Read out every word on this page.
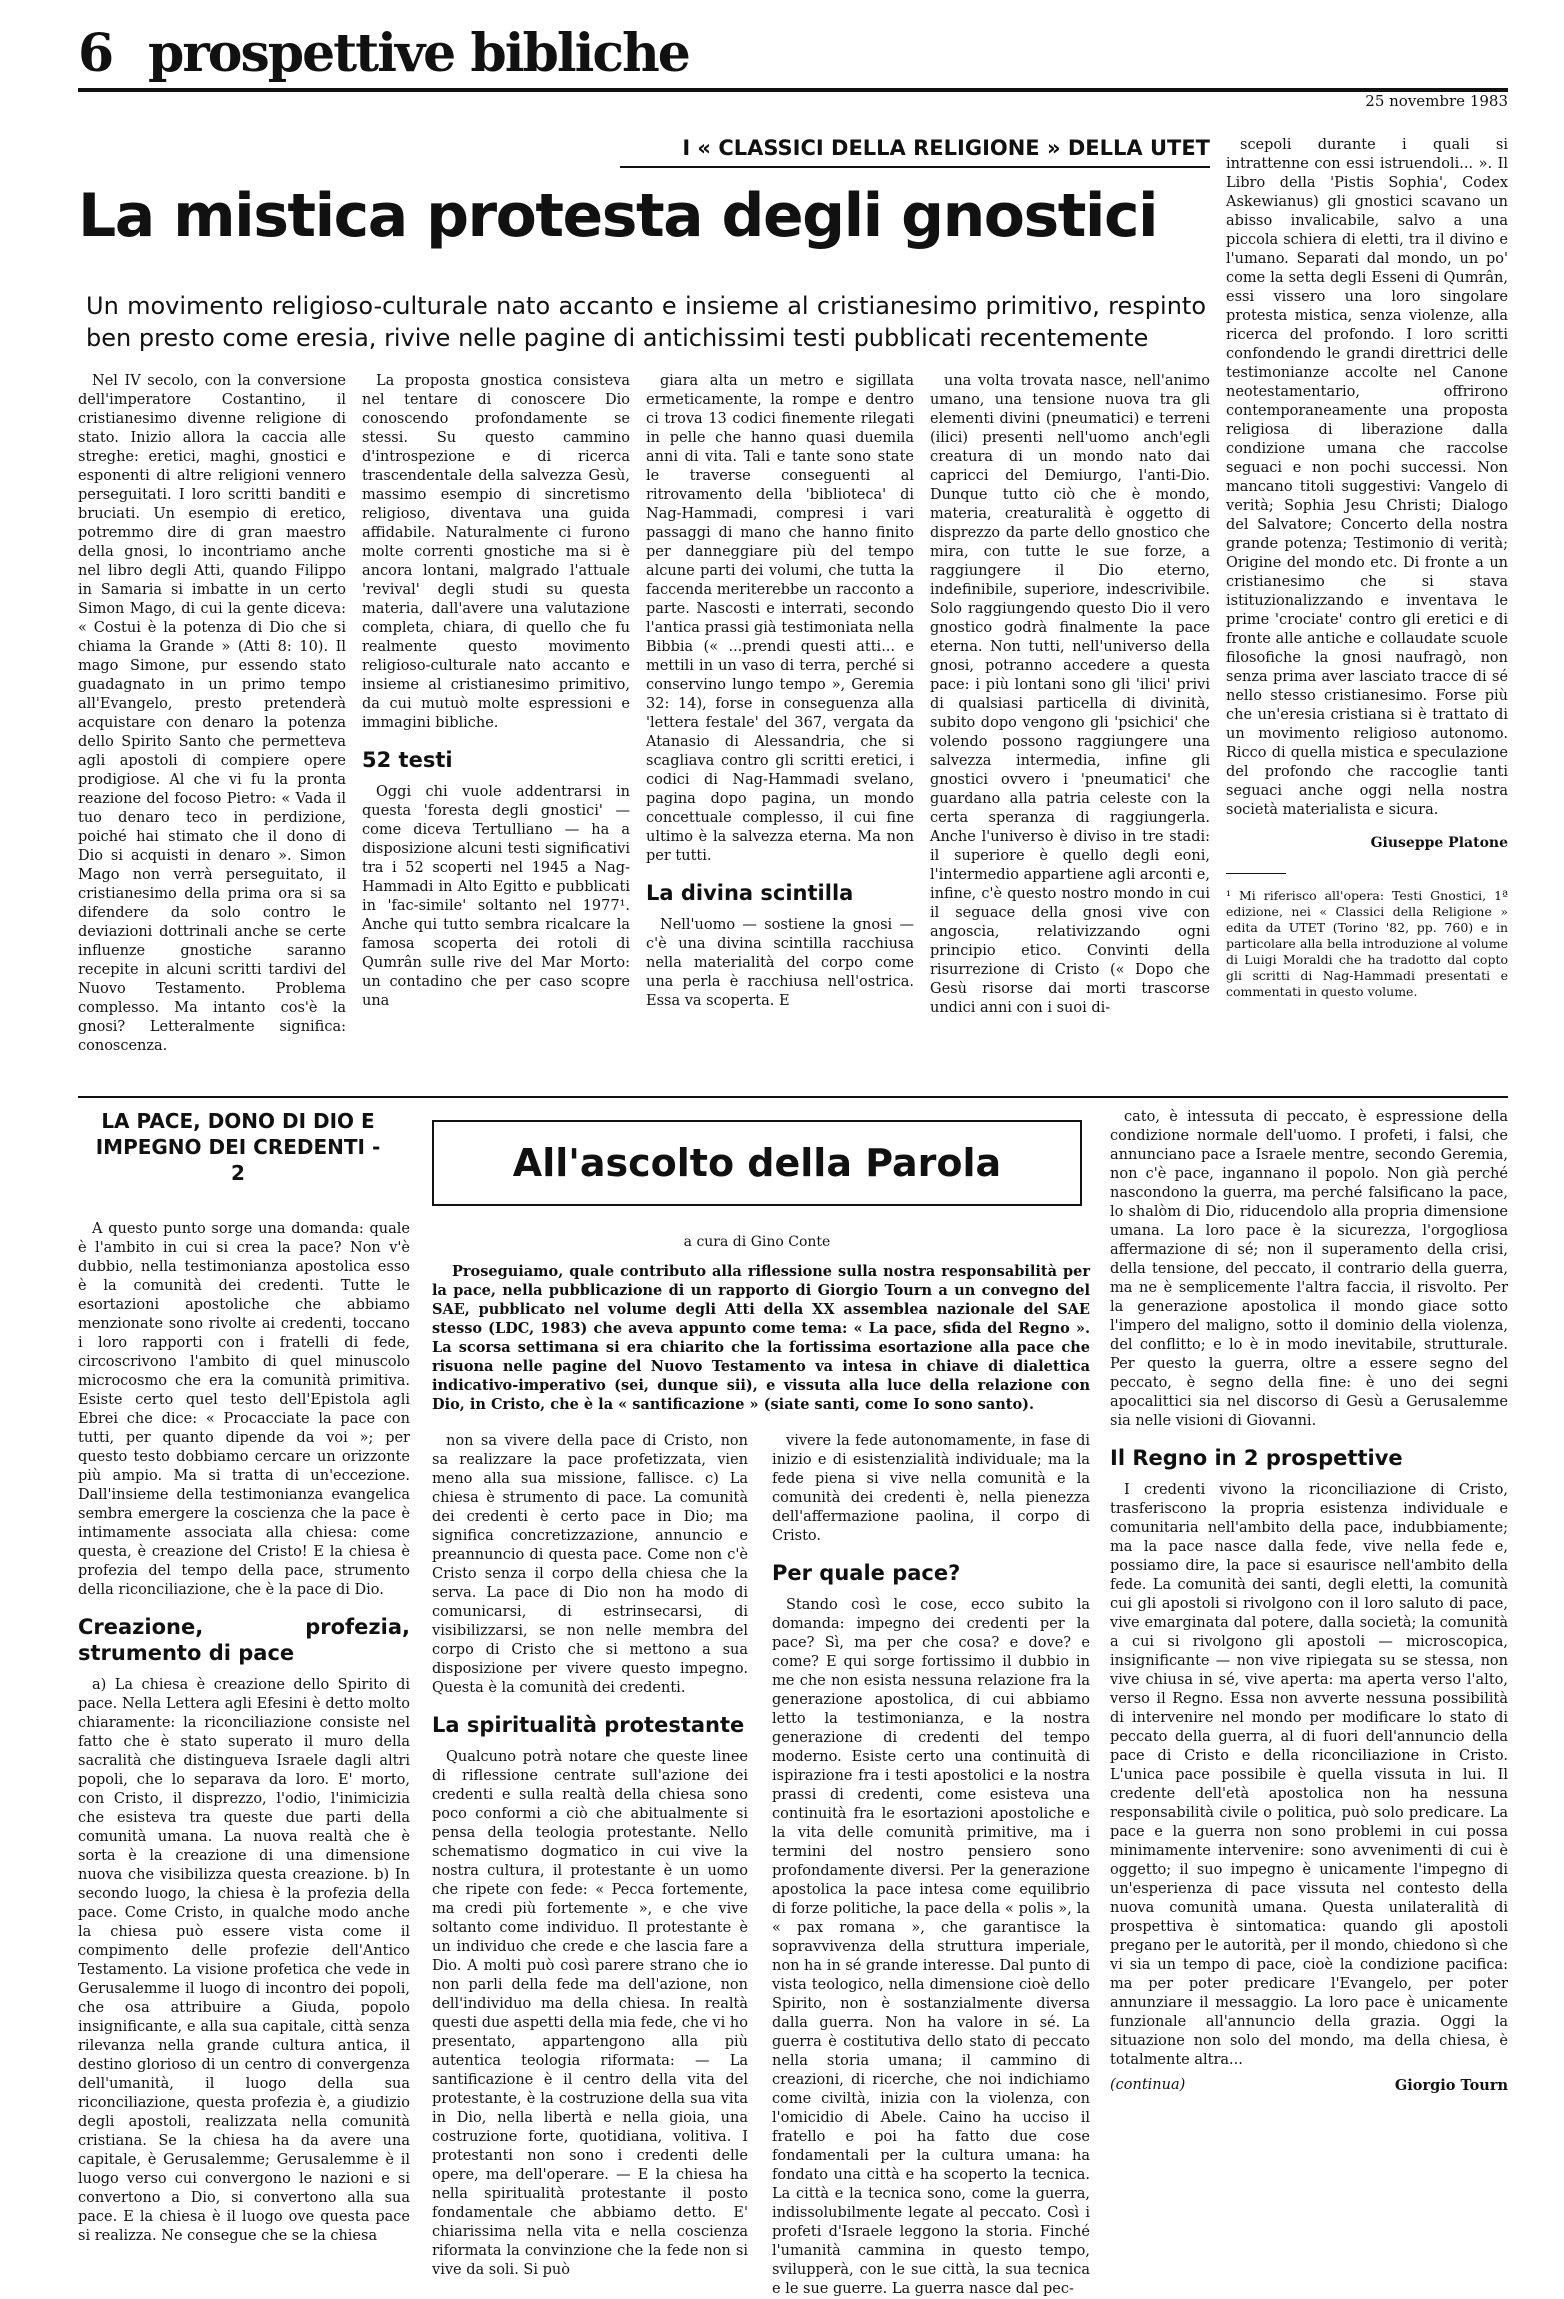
6 prospettive bibliche
25 novembre 1983
I « CLASSICI DELLA RELIGIONE » DELLA UTET
La mistica protesta degli gnostici
Un movimento religioso-culturale nato accanto e insieme al cristianesimo primitivo, respinto ben presto come eresia, rivive nelle pagine di antichissimi testi pubblicati recentemente

Nel IV secolo, con la conversione dell'imperatore Costantino, il cristianesimo divenne religione di stato. Inizio allora la caccia alle streghe: eretici, maghi, gnostici e esponenti di altre religioni vennero perseguitati. I loro scritti banditi e bruciati. Un esempio di eretico, potremmo dire di gran maestro della gnosi, lo incontriamo anche nel libro degli Atti, quando Filippo in Samaria si imbatte in un certo Simon Mago, di cui la gente diceva: « Costui è la potenza di Dio che si chiama la Grande » (Atti 8: 10). Il mago Simone, pur essendo stato guadagnato in un primo tempo all'Evangelo, presto pretenderà acquistare con denaro la potenza dello Spirito Santo che permetteva agli apostoli di compiere opere prodigiose. Al che vi fu la pronta reazione del focoso Pietro: « Vada il tuo denaro teco in perdizione, poiché hai stimato che il dono di Dio si acquisti in denaro ». Simon Mago non verrà perseguitato, il cristianesimo della prima ora si sa difendere da solo contro le deviazioni dottrinali anche se certe influenze gnostiche saranno recepite in alcuni scritti tardivi del Nuovo Testamento. Problema complesso. Ma intanto cos'è la gnosi? Letteralmente significa: conoscenza.

La proposta gnostica consisteva nel tentare di conoscere Dio conoscendo profondamente se stessi. Su questo cammino d'introspezione e di ricerca trascendentale della salvezza Gesù, massimo esempio di sincretismo religioso, diventava una guida affidabile. Naturalmente ci furono molte correnti gnostiche ma si è ancora lontani, malgrado l'attuale 'revival' degli studi su questa materia, dall'avere una valutazione completa, chiara, di quello che fu realmente questo movimento religioso-culturale nato accanto e insieme al cristianesimo primitivo, da cui mutuò molte espressioni e immagini bibliche.

52 testi

Oggi chi vuole addentrarsi in questa 'foresta degli gnostici' — come diceva Tertulliano — ha a disposizione alcuni testi significativi tra i 52 scoperti nel 1945 a Nag-Hammadi in Alto Egitto e pubblicati in 'fac-simile' soltanto nel 1977¹. Anche qui tutto sembra ricalcare la famosa scoperta dei rotoli di Qumrân sulle rive del Mar Morto: un contadino che per caso scopre una

giara alta un metro e sigillata ermeticamente, la rompe e dentro ci trova 13 codici finemente rilegati in pelle che hanno quasi duemila anni di vita. Tali e tante sono state le traverse conseguenti al ritrovamento della 'biblioteca' di Nag-Hammadi, compresi i vari passaggi di mano che hanno finito per danneggiare più del tempo alcune parti dei volumi, che tutta la faccenda meriterebbe un racconto a parte. Nascosti e interrati, secondo l'antica prassi già testimoniata nella Bibbia (« ...prendi questi atti... e mettili in un vaso di terra, perché si conservino lungo tempo », Geremia 32: 14), forse in conseguenza alla 'lettera festale' del 367, vergata da Atanasio di Alessandria, che si scagliava contro gli scritti eretici, i codici di Nag-Hammadi svelano, pagina dopo pagina, un mondo concettuale complesso, il cui fine ultimo è la salvezza eterna. Ma non per tutti.

La divina scintilla

Nell'uomo — sostiene la gnosi — c'è una divina scintilla racchiusa nella materialità del corpo come una perla è racchiusa nell'ostrica. Essa va scoperta. E

una volta trovata nasce, nell'animo umano, una tensione nuova tra gli elementi divini (pneumatici) e terreni (ilici) presenti nell'uomo anch'egli creatura di un mondo nato dai capricci del Demiurgo, l'anti-Dio. Dunque tutto ciò che è mondo, materia, creaturalità è oggetto di disprezzo da parte dello gnostico che mira, con tutte le sue forze, a raggiungere il Dio eterno, indefinibile, superiore, indescrivibile. Solo raggiungendo questo Dio il vero gnostico godrà finalmente la pace eterna. Non tutti, nell'universo della gnosi, potranno accedere a questa pace: i più lontani sono gli 'ilici' privi di qualsiasi particella di divinità, subito dopo vengono gli 'psichici' che volendo possono raggiungere una salvezza intermedia, infine gli gnostici ovvero i 'pneumatici' che guardano alla patria celeste con la certa speranza di raggiungerla. Anche l'universo è diviso in tre stadi: il superiore è quello degli eoni, l'intermedio appartiene agli arconti e, infine, c'è questo nostro mondo in cui il seguace della gnosi vive con angoscia, relativizzando ogni principio etico. Convinti della risurrezione di Cristo (« Dopo che Gesù risorse dai morti trascorse undici anni con i suoi di-

scepoli durante i quali si intrattenne con essi istruendoli... ». Il Libro della 'Pistis Sophia', Codex Askewianus) gli gnostici scavano un abisso invalicabile, salvo a una piccola schiera di eletti, tra il divino e l'umano. Separati dal mondo, un po' come la setta degli Esseni di Qumrân, essi vissero una loro singolare protesta mistica, senza violenze, alla ricerca del profondo. I loro scritti confondendo le grandi direttrici delle testimonianze accolte nel Canone neotestamentario, offrirono contemporaneamente una proposta religiosa di liberazione dalla condizione umana che raccolse seguaci e non pochi successi. Non mancano titoli suggestivi: Vangelo di verità; Sophia Jesu Christi; Dialogo del Salvatore; Concerto della nostra grande potenza; Testimonio di verità; Origine del mondo etc. Di fronte a un cristianesimo che si stava istituzionalizzando e inventava le prime 'crociate' contro gli eretici e di fronte alle antiche e collaudate scuole filosofiche la gnosi naufragò, non senza prima aver lasciato tracce di sé nello stesso cristianesimo. Forse più che un'eresia cristiana si è trattato di un movimento religioso autonomo. Ricco di quella mistica e speculazione del profondo che raccoglie tanti seguaci anche oggi nella nostra società materialista e sicura.

Giuseppe Platone
¹ Mi riferisco all'opera: Testi Gnostici, 1ª edizione, nei « Classici della Religione » edita da UTET (Torino '82, pp. 760) e in particolare alla bella introduzione al volume di Luigi Moraldi che ha tradotto dal copto gli scritti di Nag-Hammadi presentati e commentati in questo volume.
LA PACE, DONO DI DIO E IMPEGNO DEI CREDENTI - 2	All'ascolto della Parola
a cura di Gino Conte
Proseguiamo, quale contributo alla riflessione sulla nostra responsabilità per la pace, nella pubblicazione di un rapporto di Giorgio Tourn a un convegno del SAE, pubblicato nel volume degli Atti della XX assemblea nazionale del SAE stesso (LDC, 1983) che aveva appunto come tema: « La pace, sfida del Regno ». La scorsa settimana si era chiarito che la fortissima esortazione alla pace che risuona nelle pagine del Nuovo Testamento va intesa in chiave di dialettica indicativo-imperativo (sei, dunque sii), e vissuta alla luce della relazione con Dio, in Cristo, che è la « santificazione » (siate santi, come Io sono santo).

A questo punto sorge una domanda: quale è l'ambito in cui si crea la pace? Non v'è dubbio, nella testimonianza apostolica esso è la comunità dei credenti. Tutte le esortazioni apostoliche che abbiamo menzionate sono rivolte ai credenti, toccano i loro rapporti con i fratelli di fede, circoscrivono l'ambito di quel minuscolo microcosmo che era la comunità primitiva. Esiste certo quel testo dell'Epistola agli Ebrei che dice: « Procacciate la pace con tutti, per quanto dipende da voi »; per questo testo dobbiamo cercare un orizzonte più ampio. Ma si tratta di un'eccezione. Dall'insieme della testimonianza evangelica sembra emergere la coscienza che la pace è intimamente associata alla chiesa: come questa, è creazione del Cristo! E la chiesa è profezia del tempo della pace, strumento della riconciliazione, che è la pace di Dio.

Creazione, profezia, strumento di pace

a) La chiesa è creazione dello Spirito di pace. Nella Lettera agli Efesini è detto molto chiaramente: la riconciliazione consiste nel fatto che è stato superato il muro della sacralità che distingueva Israele dagli altri popoli, che lo separava da loro. E' morto, con Cristo, il disprezzo, l'odio, l'inimicizia che esisteva tra queste due parti della comunità umana. La nuova realtà che è sorta è la creazione di una dimensione nuova che visibilizza questa creazione. b) In secondo luogo, la chiesa è la profezia della pace. Come Cristo, in qualche modo anche la chiesa può essere vista come il compimento delle profezie dell'Antico Testamento. La visione profetica che vede in Gerusalemme il luogo di incontro dei popoli, che osa attribuire a Giuda, popolo insignificante, e alla sua capitale, città senza rilevanza nella grande cultura antica, il destino glorioso di un centro di convergenza dell'umanità, il luogo della sua riconciliazione, questa profezia è, a giudizio degli apostoli, realizzata nella comunità cristiana. Se la chiesa ha da avere una capitale, è Gerusalemme; Gerusalemme è il luogo verso cui convergono le nazioni e si convertono a Dio, si convertono alla sua pace. E la chiesa è il luogo ove questa pace si realizza. Ne consegue che se la chiesa

non sa vivere della pace di Cristo, non sa realizzare la pace profetizzata, vien meno alla sua missione, fallisce. c) La chiesa è strumento di pace. La comunità dei credenti è certo pace in Dio; ma significa concretizzazione, annuncio e preannuncio di questa pace. Come non c'è Cristo senza il corpo della chiesa che la serva. La pace di Dio non ha modo di comunicarsi, di estrinsecarsi, di visibilizzarsi, se non nelle membra del corpo di Cristo che si mettono a sua disposizione per vivere questo impegno. Questa è la comunità dei credenti.

La spiritualità protestante

Qualcuno potrà notare che queste linee di riflessione centrate sull'azione dei credenti e sulla realtà della chiesa sono poco conformi a ciò che abitualmente si pensa della teologia protestante. Nello schematismo dogmatico in cui vive la nostra cultura, il protestante è un uomo che ripete con fede: « Pecca fortemente, ma credi più fortemente », e che vive soltanto come individuo. Il protestante è un individuo che crede e che lascia fare a Dio. A molti può così parere strano che io non parli della fede ma dell'azione, non dell'individuo ma della chiesa. In realtà questi due aspetti della mia fede, che vi ho presentato, appartengono alla più autentica teologia riformata: — La santificazione è il centro della vita del protestante, è la costruzione della sua vita in Dio, nella libertà e nella gioia, una costruzione forte, quotidiana, volitiva. I protestanti non sono i credenti delle opere, ma dell'operare. — E la chiesa ha nella spiritualità protestante il posto fondamentale che abbiamo detto. E' chiarissima nella vita e nella coscienza riformata la convinzione che la fede non si vive da soli. Si può

vivere la fede autonomamente, in fase di inizio e di esistenzialità individuale; ma la fede piena si vive nella comunità e la comunità dei credenti è, nella pienezza dell'affermazione paolina, il corpo di Cristo.

Per quale pace?

Stando così le cose, ecco subito la domanda: impegno dei credenti per la pace? Sì, ma per che cosa? e dove? e come? E qui sorge fortissimo il dubbio in me che non esista nessuna relazione fra la generazione apostolica, di cui abbiamo letto la testimonianza, e la nostra generazione di credenti del tempo moderno. Esiste certo una continuità di ispirazione fra i testi apostolici e la nostra prassi di credenti, come esisteva una continuità fra le esortazioni apostoliche e la vita delle comunità primitive, ma i termini del nostro pensiero sono profondamente diversi. Per la generazione apostolica la pace intesa come equilibrio di forze politiche, la pace della « polis », la « pax romana », che garantisce la sopravvivenza della struttura imperiale, non ha in sé grande interesse. Dal punto di vista teologico, nella dimensione cioè dello Spirito, non è sostanzialmente diversa dalla guerra. Non ha valore in sé. La guerra è costitutiva dello stato di peccato nella storia umana; il cammino di creazioni, di ricerche, che noi indichiamo come civiltà, inizia con la violenza, con l'omicidio di Abele. Caino ha ucciso il fratello e poi ha fatto due cose fondamentali per la cultura umana: ha fondato una città e ha scoperto la tecnica. La città e la tecnica sono, come la guerra, indissolubilmente legate al peccato. Così i profeti d'Israele leggono la storia. Finché l'umanità cammina in questo tempo, svilupperà, con le sue città, la sua tecnica e le sue guerre. La guerra nasce dal pec-

cato, è intessuta di peccato, è espressione della condizione normale dell'uomo. I profeti, i falsi, che annunciano pace a Israele mentre, secondo Geremia, non c'è pace, ingannano il popolo. Non già perché nascondono la guerra, ma perché falsificano la pace, lo shalòm di Dio, riducendolo alla propria dimensione umana. La loro pace è la sicurezza, l'orgogliosa affermazione di sé; non il superamento della crisi, della tensione, del peccato, il contrario della guerra, ma ne è semplicemente l'altra faccia, il risvolto. Per la generazione apostolica il mondo giace sotto l'impero del maligno, sotto il dominio della violenza, del conflitto; e lo è in modo inevitabile, strutturale. Per questo la guerra, oltre a essere segno del peccato, è segno della fine: è uno dei segni apocalittici sia nel discorso di Gesù a Gerusalemme sia nelle visioni di Giovanni.

Il Regno in 2 prospettive

I credenti vivono la riconciliazione di Cristo, trasferiscono la propria esistenza individuale e comunitaria nell'ambito della pace, indubbiamente; ma la pace nasce dalla fede, vive nella fede e, possiamo dire, la pace si esaurisce nell'ambito della fede. La comunità dei santi, degli eletti, la comunità cui gli apostoli si rivolgono con il loro saluto di pace, vive emarginata dal potere, dalla società; la comunità a cui si rivolgono gli apostoli — microscopica, insignificante — non vive ripiegata su se stessa, non vive chiusa in sé, vive aperta: ma aperta verso l'alto, verso il Regno. Essa non avverte nessuna possibilità di intervenire nel mondo per modificare lo stato di peccato della guerra, al di fuori dell'annuncio della pace di Cristo e della riconciliazione in Cristo. L'unica pace possibile è quella vissuta in lui. Il credente dell'età apostolica non ha nessuna responsabilità civile o politica, può solo predicare. La pace e la guerra non sono problemi in cui possa minimamente intervenire: sono avvenimenti di cui è oggetto; il suo impegno è unicamente l'impegno di un'esperienza di pace vissuta nel contesto della nuova comunità umana. Questa unilateralità di prospettiva è sintomatica: quando gli apostoli pregano per le autorità, per il mondo, chiedono sì che vi sia un tempo di pace, cioè la condizione pacifica: ma per poter predicare l'Evangelo, per poter annunziare il messaggio. La loro pace è unicamente funzionale all'annuncio della grazia. Oggi la situazione non solo del mondo, ma della chiesa, è totalmente altra...

(continua)	Giorgio Tourn
